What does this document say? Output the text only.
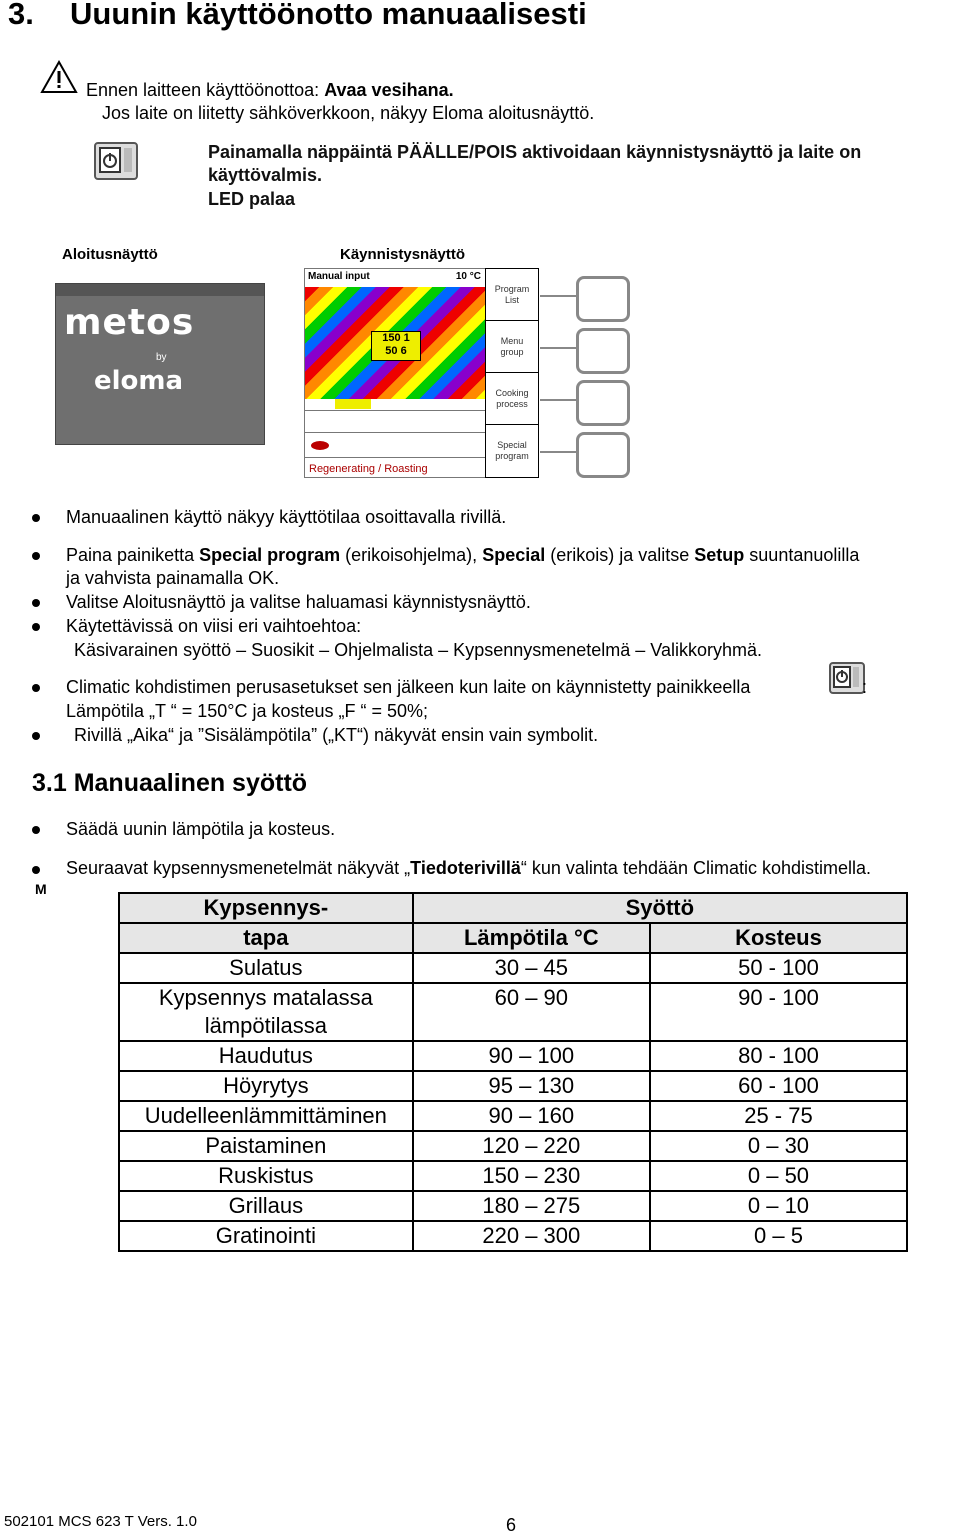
3. Uuunin käyttöönotto manuaalisesti
Ennen laitteen käyttöönottoa: Avaa vesihana.
Jos laite on liitetty sähköverkkoon, näkyy Eloma aloitusnäyttö.
Painamalla näppäintä PÄÄLLE/POIS aktivoidaan käynnistysnäyttö ja laite on
käyttövalmis.
LED palaa
Aloitusnäyttö	Käynnistysnäyttö
metos
by
eloma
Manual input	10 °C
150 1
50 6
Regenerating / Roasting
Program
List
Menu
group
Cooking
process
Special
program
Manuaalinen käyttö näkyy käyttötilaa osoittavalla rivillä.
Paina painiketta Special program (erikoisohjelma), Special (erikois) ja valitse Setup suuntanuolilla
ja vahvista painamalla OK.
Valitse Aloitusnäyttö ja valitse haluamasi käynnistysnäyttö.
Käytettävissä on viisi eri vaihtoehtoa:
Käsivarainen syöttö – Suosikit – Ohjelmalista – Kypsennysmenetelmä – Valikkoryhmä.
Climatic kohdistimen perusasetukset sen jälkeen kun laite on käynnistetty painikkeella	:
Lämpötila „T “ = 150°C ja kosteus „F “ = 50%;
Rivillä „Aika“ ja ”Sisälämpötila” („KT“) näkyvät ensin vain symbolit.
3.1 Manuaalinen syöttö
Säädä uunin lämpötila ja kosteus.
Seuraavat kypsennysmenetelmät näkyvät „Tiedoterivillä“ kun valinta tehdään Climatic kohdistimella.
M
Kypsennys-	Syöttö	
tapa	Lämpötila °C	Kosteus
Sulatus	30 – 45	50 - 100
Kypsennys matalassa lämpötilassa	60 – 90	90 - 100
Haudutus	90 – 100	80 - 100
Höyrytys	95 – 130	60 - 100
Uudelleenlämmittäminen	90 – 160	25 - 75
Paistaminen	120 – 220	0 – 30
Ruskistus	150 – 230	0 – 50
Grillaus	180 – 275	0 – 10
Gratinointi	220 – 300	0 – 5
502101 MCS 623 T Vers. 1.0	6
